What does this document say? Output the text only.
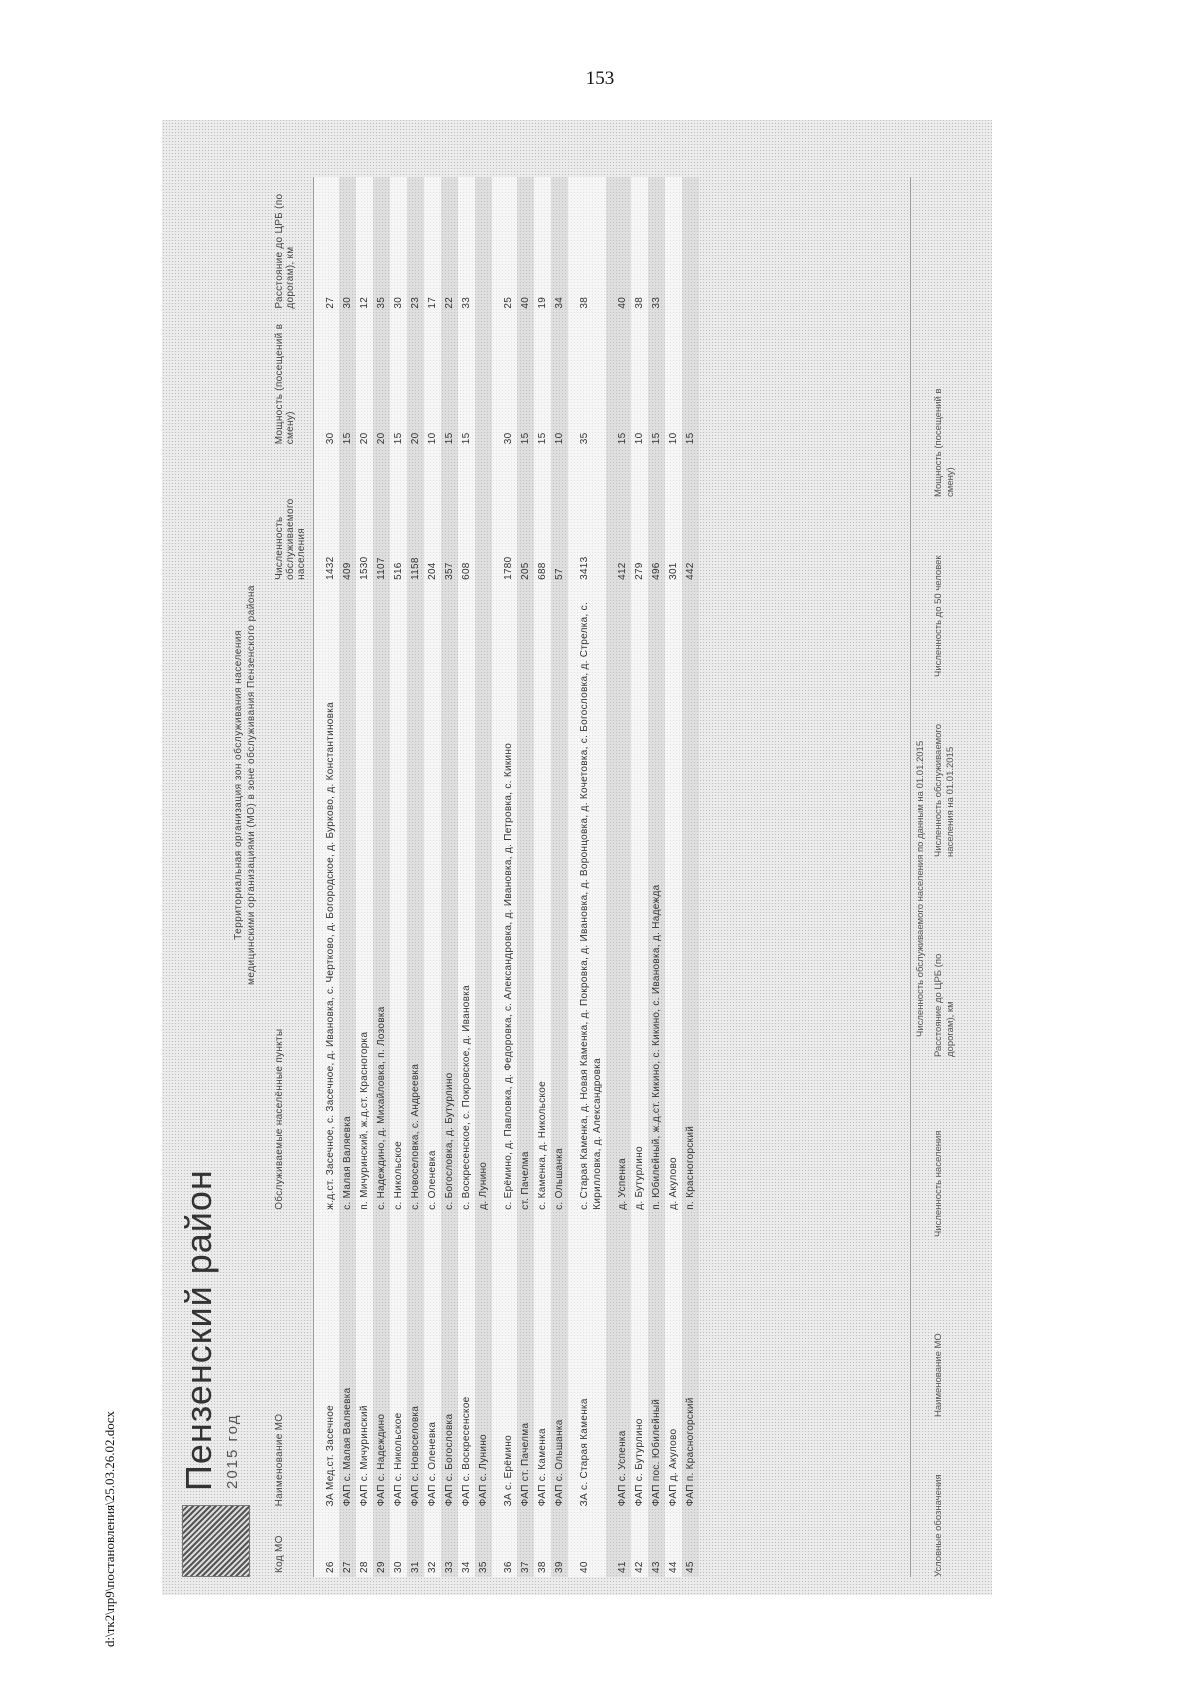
153
Пензенский район 2015 год
Территориальная организация зон обслуживания населения медицинскими организациями (МО) в зоне обслуживания Пензенского района
Код МО	Наименование МО	Обслуживаемые населённые пункты	Численность обслуживаемого населения	Мощность (посещений в смену)	Расстояние до ЦРБ (по дорогам), км
26	ЗА Мед.ст. Засечное	ж.д.ст. Засечное, с. Засечное, д. Ивановка, с. Чертково, д. Богородское, д. Бурково, д. Константиновка	1432	30	27
27	ФАП с. Малая Валяевка	с. Малая Валяевка	409	15	30
28	ФАП с. Мичуринский	п. Мичуринский, ж.д.ст. Красногорка	1530	20	12
29	ФАП с. Надеждино	с. Надеждино, д. Михайловка, п. Лозовка	1107	20	35
30	ФАП с. Никольское	с. Никольское	516	15	30
31	ФАП с. Новоселовка	с. Новоселовка, с. Андреевка	1158	20	23
32	ФАП с. Оленевка	с. Оленевка	204	10	17
33	ФАП с. Богословка	с. Богословка, д. Бутурлино	357	15	22
34	ФАП с. Воскресенское	с. Воскресенское, с. Покровское, д. Ивановка	608	15	33
35	ФАП с. Лунино	д. Лунино			
36	ЗА с. Ерёмино	с. Ерёмино, д. Павловка, д. Федоровка, с. Александровка, д. Ивановка, д. Петровка, с. Кикино	1780	30	25
37	ФАП ст. Пачелма	ст. Пачелма	205	15	40
38	ФАП с. Каменка	с. Каменка, д. Никольское	688	15	19
39	ФАП с. Ольшанка	с. Ольшанка	57	10	34
40	ЗА с. Старая Каменка	с. Старая Каменка, д. Новая Каменка, д. Покровка, д. Ивановка, д. Воронцовка, д. Кочетовка, с. Богословка, д. Стрелка, с. Кирилловка, д. Александровка	3413	35	38
41	ФАП с. Успенка	д. Успенка	412	15	40
42	ФАП с. Бутурлино	д. Бутурлино	279	10	38
43	ФАП пос. Юбилейный	п. Юбилейный, ж.д.ст. Кикино, с. Кикино, с. Ивановка, д. Надежда	496	15	33
44	ФАП д. Акулово	д. Акулово	301	10	
45	ФАП п. Красногорский	п. Красногорский	442	15	
Численность обслуживаемого населения по данным на 01.01.2015
Условные обозначения
Наименование МО
Численность населения
Расстояние до ЦРБ (по дорогам), км
Численность обслуживаемого населения на 01.01.2015
Численность до 50 человек
Мощность (посещений в смену)
d:\тк2\пр9\постановления\25.03.26.02.docx
